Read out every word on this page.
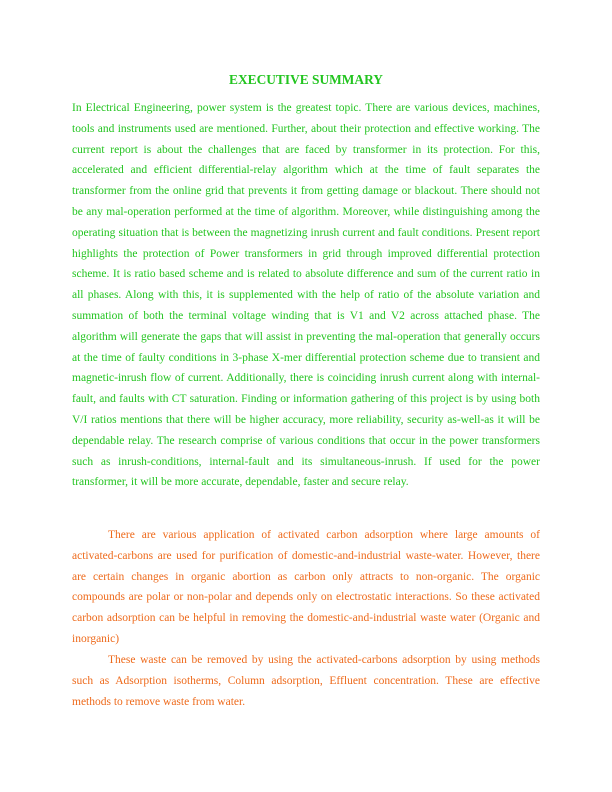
EXECUTIVE SUMMARY

In Electrical Engineering, power system is the greatest topic. There are various devices, machines, tools and instruments used are mentioned. Further, about their protection and effective working. The current report is about the challenges that are faced by transformer in its protection. For this, accelerated and efficient differential-relay algorithm which at the time of fault separates the transformer from the online grid that prevents it from getting damage or blackout. There should not be any mal-operation performed at the time of algorithm. Moreover, while distinguishing among the operating situation that is between the magnetizing inrush current and fault conditions. Present report highlights the protection of Power transformers in grid through improved differential protection scheme. It is ratio based scheme and is related to absolute difference and sum of the current ratio in all phases. Along with this, it is supplemented with the help of ratio of the absolute variation and summation of both the terminal voltage winding that is V1 and V2 across attached phase. The algorithm will generate the gaps that will assist in preventing the mal-operation that generally occurs at the time of faulty conditions in 3-phase X-mer differential protection scheme due to transient and magnetic-inrush flow of current. Additionally, there is coinciding inrush current along with internal-fault, and faults with CT saturation. Finding or information gathering of this project is by using both V/I ratios mentions that there will be higher accuracy, more reliability, security as-well-as it will be dependable relay. The research comprise of various conditions that occur in the power transformers such as inrush-conditions, internal-fault and its simultaneous-inrush. If used for the power transformer, it will be more accurate, dependable, faster and secure relay.

There are various application of activated carbon adsorption where large amounts of activated-carbons are used for purification of domestic-and-industrial waste-water. However, there are certain changes in organic abortion as carbon only attracts to non-organic. The organic compounds are polar or non-polar and depends only on electrostatic interactions. So these activated carbon adsorption can be helpful in removing the domestic-and-industrial waste water (Organic and inorganic)

These waste can be removed by using the activated-carbons adsorption by using methods such as Adsorption isotherms, Column adsorption, Effluent concentration. These are effective methods to remove waste from water.
